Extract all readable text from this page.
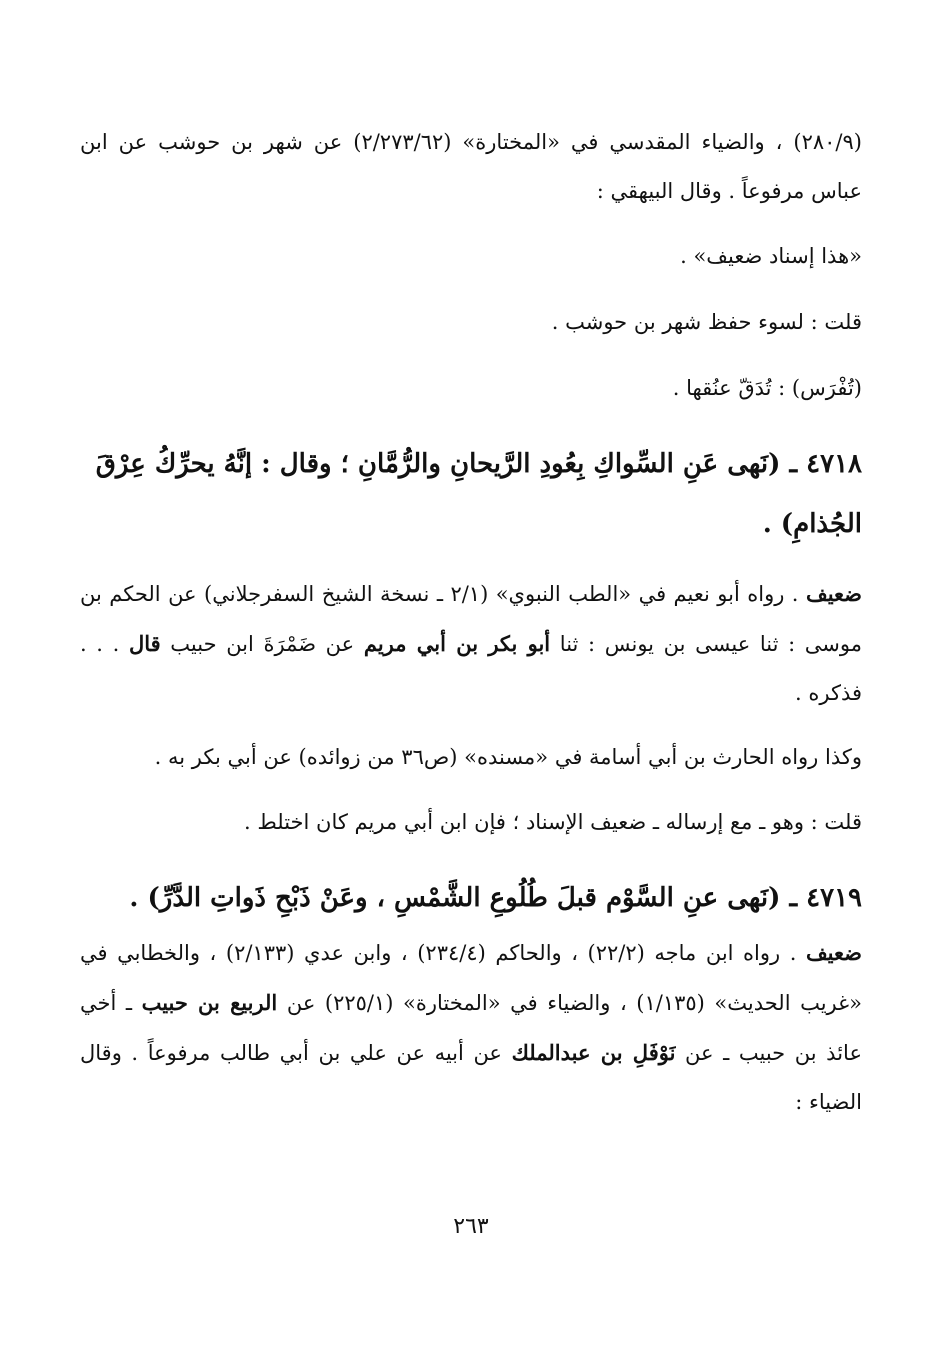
(٢٨٠/٩) ، والضياء المقدسي في «المختارة» (٢/٢٧٣/٦٢) عن شهر بن حوشب عن ابن عباس مرفوعاً . وقال البيهقي :

«هذا إسناد ضعيف» .

قلت : لسوء حفظ شهر بن حوشب .

(تُفْرَس) : تُدَقّ عنُقها .

٤٧١٨ ـ (نَهى عَنِ السِّواكِ بِعُودِ الرَّيحانِ والرُّمَّانِ ؛ وقال : إنَّهُ يحرِّكُ عِرْقَ الجُذامِ) .

ضعيف . رواه أبو نعيم في «الطب النبوي» (٢/١ ـ نسخة الشيخ السفرجلاني) عن الحكم بن موسى : ثنا عيسى بن يونس : ثنا أبو بكر بن أبي مريم عن ضَمْرَةَ ابن حبيب قال . . . فذكره .

وكذا رواه الحارث بن أبي أسامة في «مسنده» (ص٣٦ من زوائده) عن أبي بكر به .

قلت : وهو ـ مع إرساله ـ ضعيف الإسناد ؛ فإن ابن أبي مريم كان اختلط .

٤٧١٩ ـ (نَهى عنِ السَّوْم قبلَ طُلُوعِ الشَّمْسِ ، وعَنْ ذَبْحِ ذَواتِ الدَّرِّ) .

ضعيف . رواه ابن ماجه (٢٢/٢) ، والحاكم (٢٣٤/٤) ، وابن عدي (٢/١٣٣) ، والخطابي في «غريب الحديث» (١/١٣٥) ، والضياء في «المختارة» (٢٢٥/١) عن الربيع بن حبيب ـ أخي عائذ بن حبيب ـ عن نَوْفَلِ بن عبدالملك عن أبيه عن علي بن أبي طالب مرفوعاً . وقال الضياء :

٢٦٣
